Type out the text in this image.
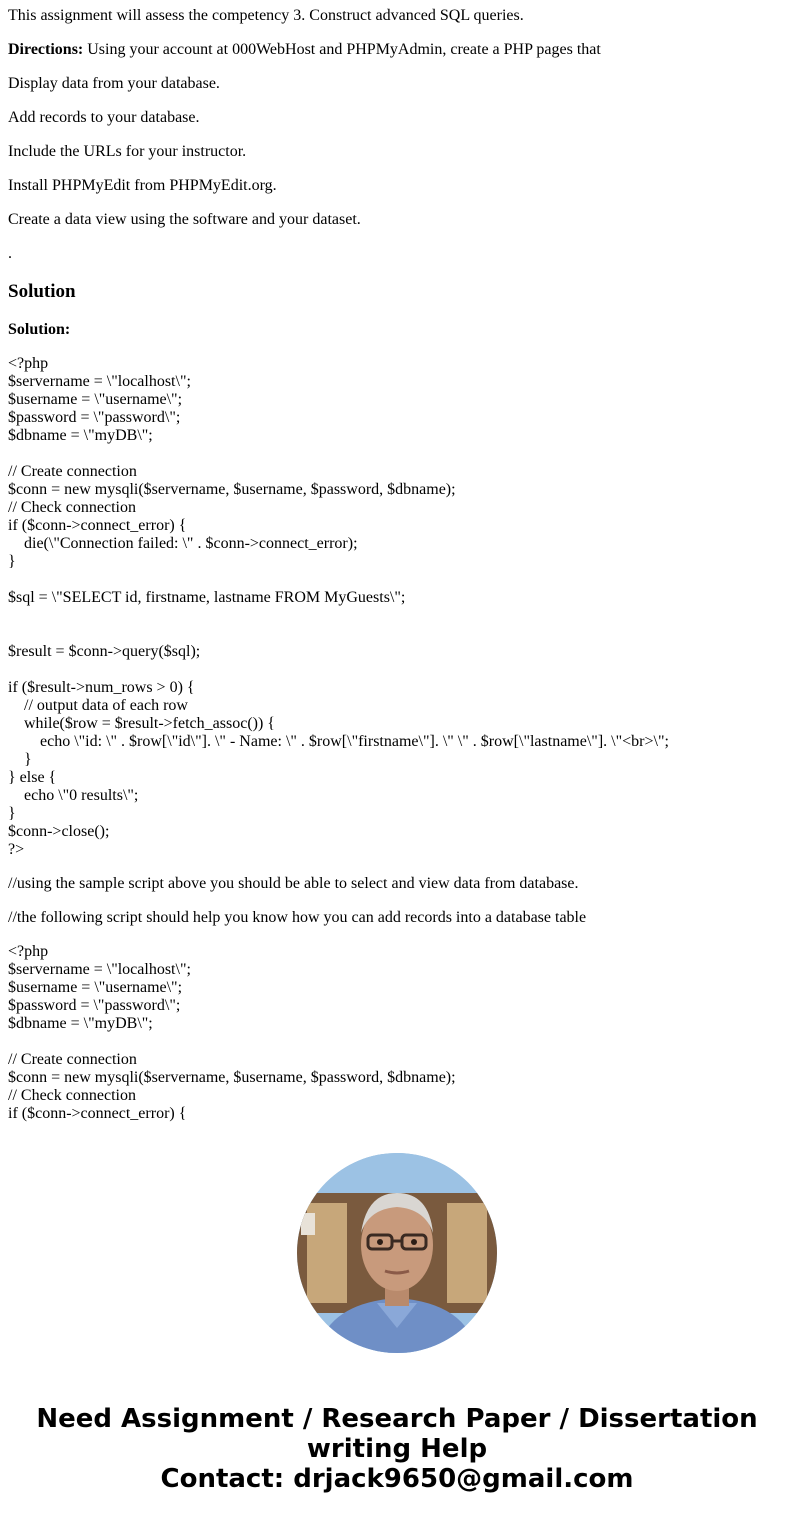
This assignment will assess the competency 3. Construct advanced SQL queries.

Directions: Using your account at 000WebHost and PHPMyAdmin, create a PHP pages that

Display data from your database.

Add records to your database.

Include the URLs for your instructor.

Install PHPMyEdit from PHPMyEdit.org.

Create a data view using the software and your dataset.

.

Solution

Solution:

<?php
$servername = \"localhost\";
$username = \"username\";
$password = \"password\";
$dbname = \"myDB\";
// Create connection
$conn = new mysqli($servername, $username, $password, $dbname);
// Check connection
if ($conn->connect_error) {
die(\"Connection failed: \" . $conn->connect_error);
}
$sql = \"SELECT id, firstname, lastname FROM MyGuests\";
$result = $conn->query($sql);
if ($result->num_rows > 0) {
// output data of each row
while($row = $result->fetch_assoc()) {
echo \"id: \" . $row[\"id\"]. \" - Name: \" . $row[\"firstname\"]. \" \" . $row[\"lastname\"]. \"<br>\";
}
} else {
echo \"0 results\";
}
$conn->close();
?>

//using the sample script above you should be able to select and view data from database.

//the following script should help you know how you can add records into a database table

<?php
$servername = \"localhost\";
$username = \"username\";
$password = \"password\";
$dbname = \"myDB\";
// Create connection
$conn = new mysqli($servername, $username, $password, $dbname);
// Check connection
if ($conn->connect_error) {
Need Assignment / Research Paper / Dissertation
writing Help
Contact: drjack9650@gmail.com
